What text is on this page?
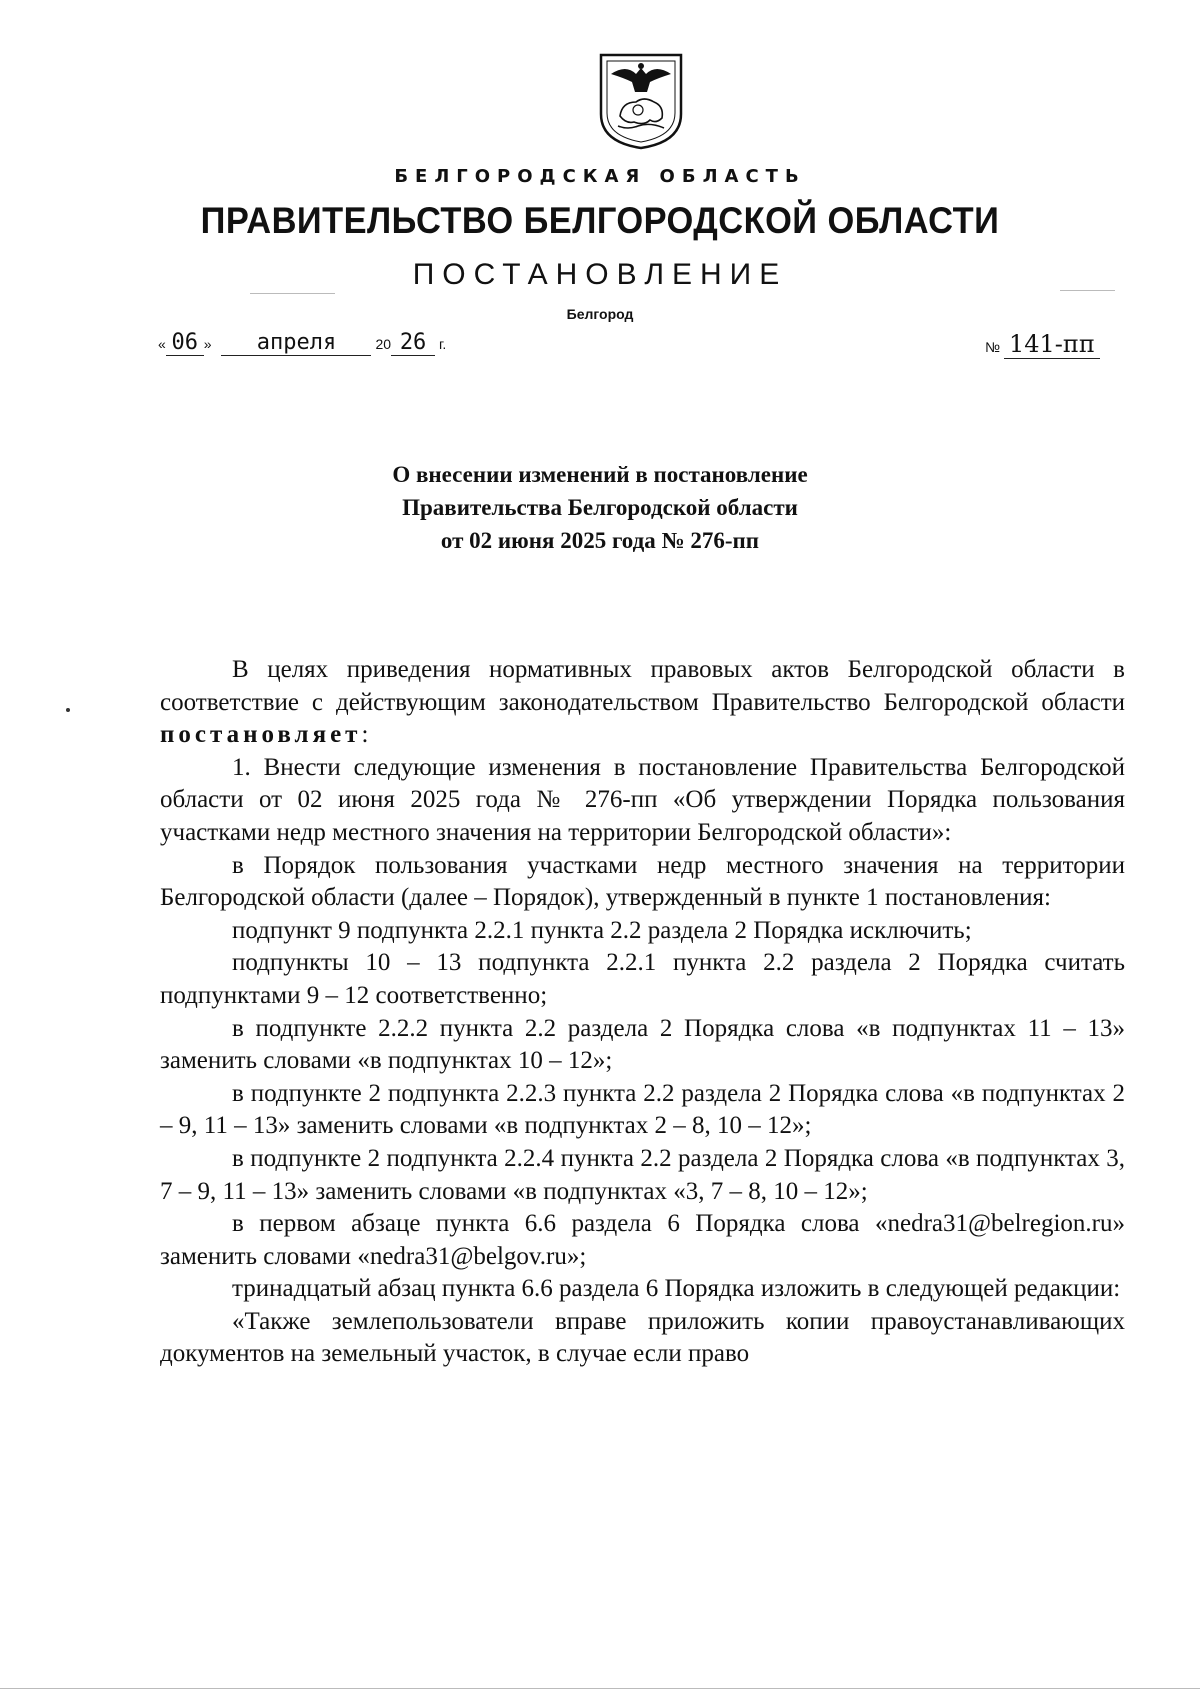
БЕЛГОРОДСКАЯ ОБЛАСТЬ
ПРАВИТЕЛЬСТВО БЕЛГОРОДСКОЙ ОБЛАСТИ
ПОСТАНОВЛЕНИЕ
Белгород
« 06 » апреля	20 26 г.	№ 141-пп
О внесении изменений в постановление
Правительства Белгородской области
от 02 июня 2025 года № 276-пп

В целях приведения нормативных правовых актов Белгородской области в соответствие с действующим законодательством Правительство Белгородской области постановляет:

1. Внести следующие изменения в постановление Правительства Белгородской области от 02 июня 2025 года № 276-пп «Об утверждении Порядка пользования участками недр местного значения на территории Белгородской области»:

в Порядок пользования участками недр местного значения на территории Белгородской области (далее – Порядок), утвержденный в пункте 1 постановления:

подпункт 9 подпункта 2.2.1 пункта 2.2 раздела 2 Порядка исключить;

подпункты 10 – 13 подпункта 2.2.1 пункта 2.2 раздела 2 Порядка считать подпунктами 9 – 12 соответственно;

в подпункте 2.2.2 пункта 2.2 раздела 2 Порядка слова «в подпунктах 11 – 13» заменить словами «в подпунктах 10 – 12»;

в подпункте 2 подпункта 2.2.3 пункта 2.2 раздела 2 Порядка слова «в подпунктах 2 – 9, 11 – 13» заменить словами «в подпунктах 2 – 8, 10 – 12»;

в подпункте 2 подпункта 2.2.4 пункта 2.2 раздела 2 Порядка слова «в подпунктах 3, 7 – 9, 11 – 13» заменить словами «в подпунктах «3, 7 – 8, 10 – 12»;

в первом абзаце пункта 6.6 раздела 6 Порядка слова «nedra31@belregion.ru» заменить словами «nedra31@belgov.ru»;

тринадцатый абзац пункта 6.6 раздела 6 Порядка изложить в следующей редакции:

«Также землепользователи вправе приложить копии правоустанавливающих документов на земельный участок, в случае если право
